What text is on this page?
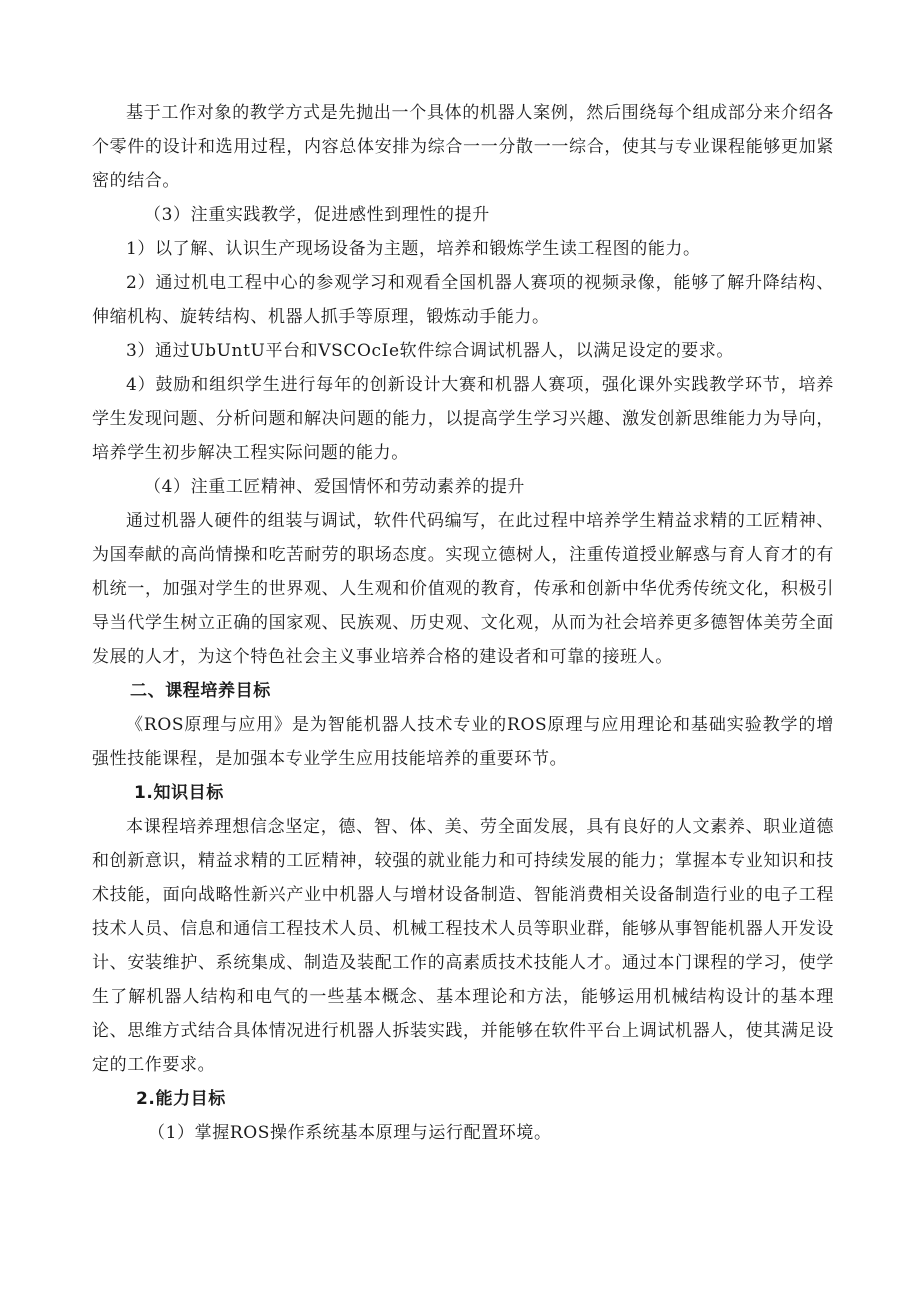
基于工作对象的教学方式是先抛出一个具体的机器人案例，然后围绕每个组成部分来介绍各个零件的设计和选用过程，内容总体安排为综合一一分散一一综合，使其与专业课程能够更加紧密的结合。

（3）注重实践教学，促进感性到理性的提升

1）以了解、认识生产现场设备为主题，培养和锻炼学生读工程图的能力。

2）通过机电工程中心的参观学习和观看全国机器人赛项的视频录像，能够了解升降结构、伸缩机构、旋转结构、机器人抓手等原理，锻炼动手能力。

3）通过UbUntU平台和VSCOcIe软件综合调试机器人，以满足设定的要求。

4）鼓励和组织学生进行每年的创新设计大赛和机器人赛项，强化课外实践教学环节，培养学生发现问题、分析问题和解决问题的能力，以提高学生学习兴趣、激发创新思维能力为导向，培养学生初步解决工程实际问题的能力。

（4）注重工匠精神、爱国情怀和劳动素养的提升

通过机器人硬件的组装与调试，软件代码编写，在此过程中培养学生精益求精的工匠精神、为国奉献的高尚情操和吃苦耐劳的职场态度。实现立德树人，注重传道授业解惑与育人育才的有机统一，加强对学生的世界观、人生观和价值观的教育，传承和创新中华优秀传统文化，积极引导当代学生树立正确的国家观、民族观、历史观、文化观，从而为社会培养更多德智体美劳全面发展的人才，为这个特色社会主义事业培养合格的建设者和可靠的接班人。

二、课程培养目标

《ROS原理与应用》是为智能机器人技术专业的ROS原理与应用理论和基础实验教学的增强性技能课程，是加强本专业学生应用技能培养的重要环节。

1.知识目标

本课程培养理想信念坚定，德、智、体、美、劳全面发展，具有良好的人文素养、职业道德和创新意识，精益求精的工匠精神，较强的就业能力和可持续发展的能力；掌握本专业知识和技术技能，面向战略性新兴产业中机器人与增材设备制造、智能消费相关设备制造行业的电子工程技术人员、信息和通信工程技术人员、机械工程技术人员等职业群，能够从事智能机器人开发设计、安装维护、系统集成、制造及装配工作的高素质技术技能人才。通过本门课程的学习，使学生了解机器人结构和电气的一些基本概念、基本理论和方法，能够运用机械结构设计的基本理论、思维方式结合具体情况进行机器人拆装实践，并能够在软件平台上调试机器人，使其满足设定的工作要求。

2.能力目标

（1）掌握ROS操作系统基本原理与运行配置环境。
